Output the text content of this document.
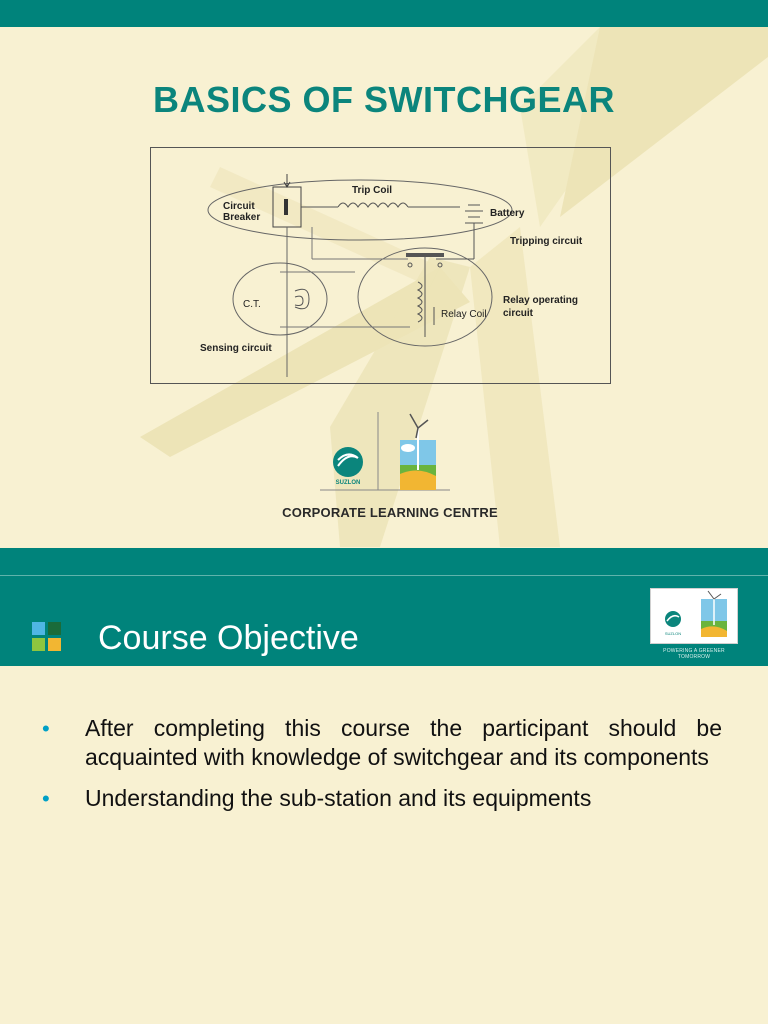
BASICS OF SWITCHGEAR
Trip Coil
Circuit
Breaker	Battery
Tripping circuit
C.T.	Relay operating
circuit
Relay Coil
Sensing circuit
SUZLON
CORPORATE LEARNING CENTRE
Course Objective	SUZLON
POWERING A GREENER TOMORROW
• After completing this course the participant should be acquainted with knowledge of switchgear and its components
• Understanding the sub-station and its equipments
